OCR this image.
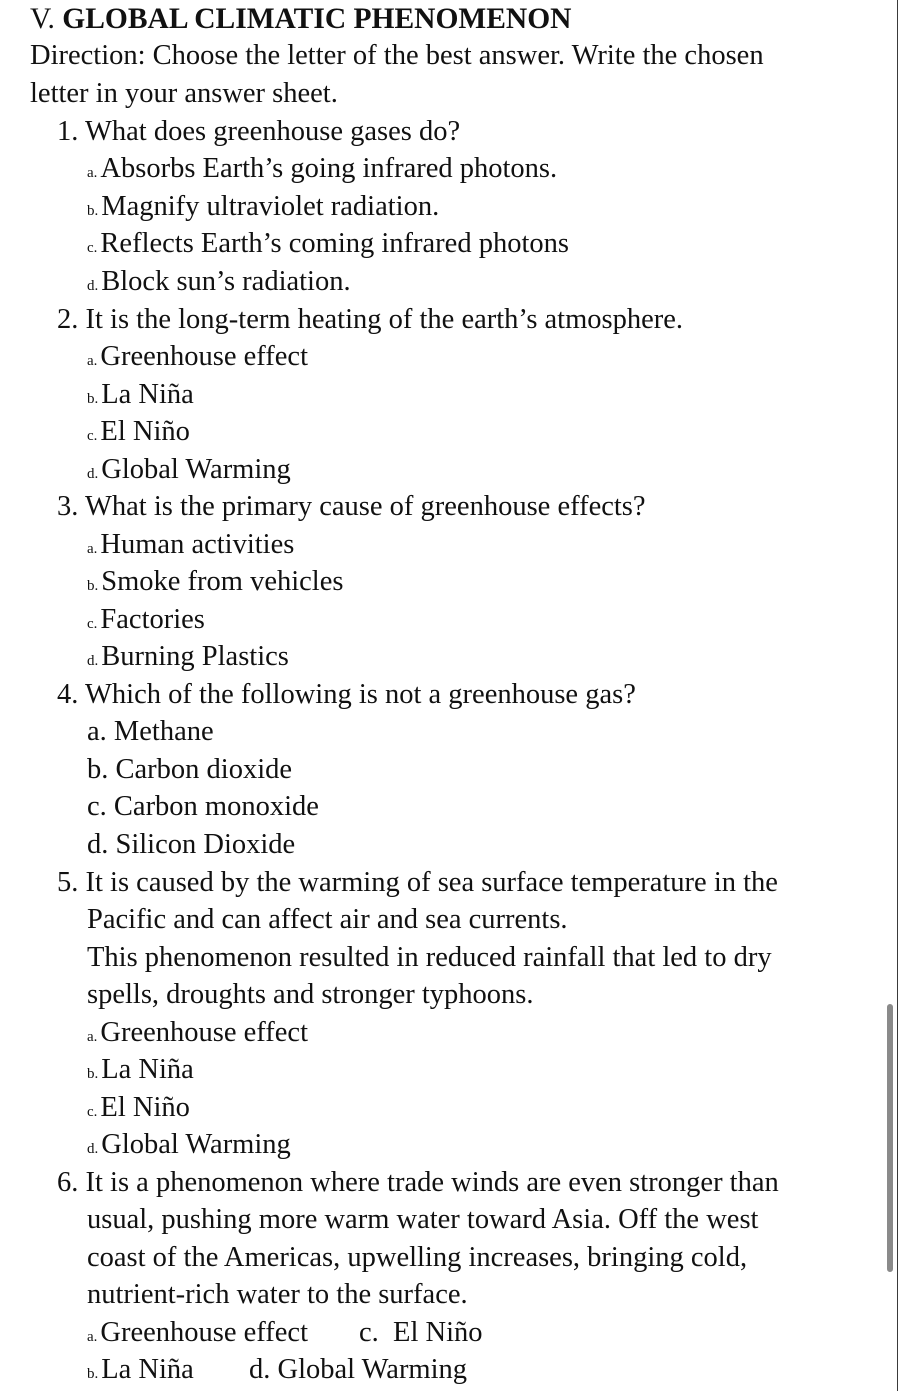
V. GLOBAL CLIMATIC PHENOMENON
Direction: Choose the letter of the best answer. Write the chosen
letter in your answer sheet.
1. What does greenhouse gases do?
a. Absorbs Earth’s going infrared photons.
b. Magnify ultraviolet radiation.
c. Reflects Earth’s coming infrared photons
d. Block sun’s radiation.
2. It is the long-term heating of the earth’s atmosphere.
a. Greenhouse effect
b. La Niña
c. El Niño
d. Global Warming
3. What is the primary cause of greenhouse effects?
a. Human activities
b. Smoke from vehicles
c. Factories
d. Burning Plastics
4. Which of the following is not a greenhouse gas?
a. Methane
b. Carbon dioxide
c. Carbon monoxide
d. Silicon Dioxide
5. It is caused by the warming of sea surface temperature in the
Pacific and can affect air and sea currents.
This phenomenon resulted in reduced rainfall that led to dry
spells, droughts and stronger typhoons.
a. Greenhouse effect
b. La Niña
c. El Niño
d. Global Warming
6. It is a phenomenon where trade winds are even stronger than
usual, pushing more warm water toward Asia. Off the west
coast of the Americas, upwelling increases, bringing cold,
nutrient-rich water to the surface.
a. Greenhouse effect c. El Niño
b. La Niña d. Global Warming
